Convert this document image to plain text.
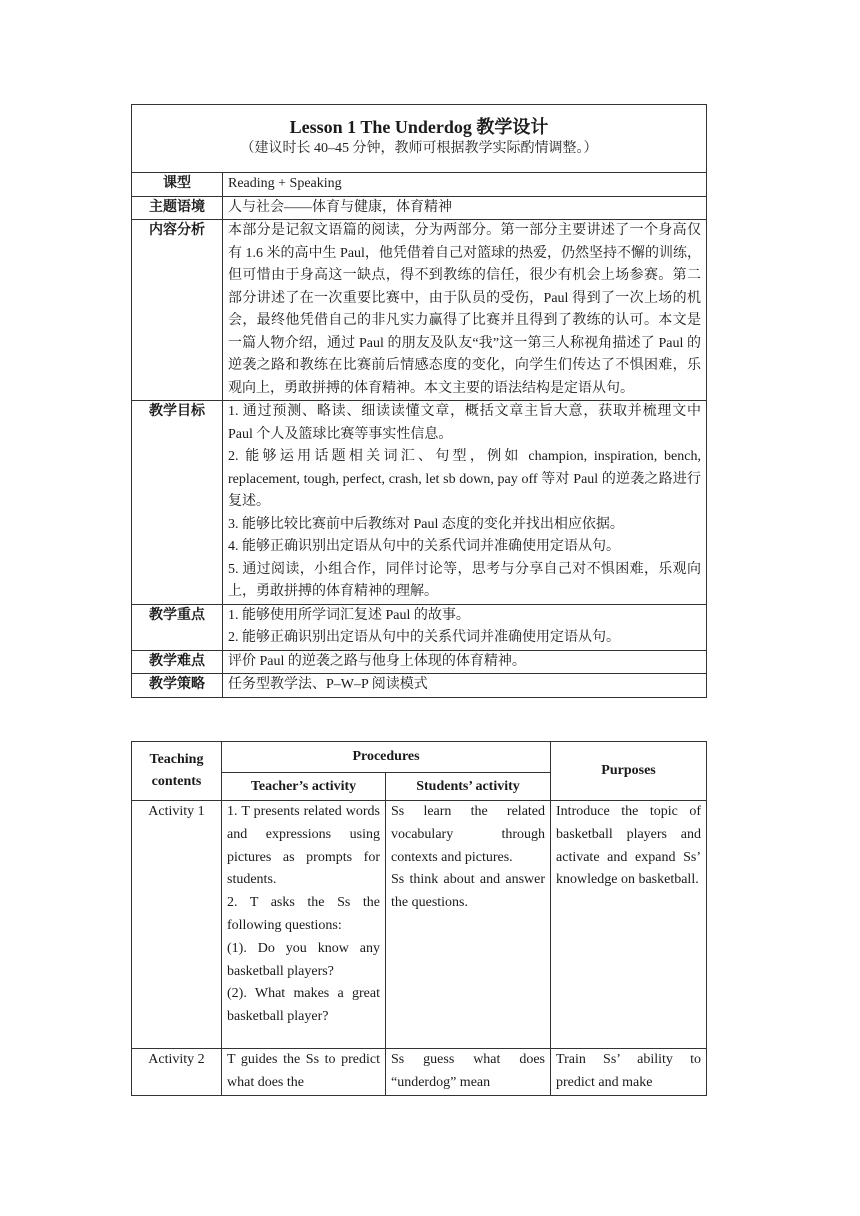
Lesson 1 The Underdog 教学设计
（建议时长 40–45 分钟，教师可根据教学实际酌情调整。）	

课型	Reading + Speaking

主题语境	人与社会——体育与健康，体育精神

内容分析	本部分是记叙文语篇的阅读，分为两部分。第一部分主要讲述了一个身高仅有 1.6 米的高中生 Paul，他凭借着自己对篮球的热爱，仍然坚持不懈的训练，但可惜由于身高这一缺点，得不到教练的信任，很少有机会上场参赛。第二部分讲述了在一次重要比赛中，由于队员的受伤，Paul 得到了一次上场的机会，最终他凭借自己的非凡实力赢得了比赛并且得到了教练的认可。本文是一篇人物介绍，通过 Paul 的朋友及队友“我”这一第三人称视角描述了 Paul 的逆袭之路和教练在比赛前后情感态度的变化，向学生们传达了不惧困难，乐观向上，勇敢拼搏的体育精神。本文主要的语法结构是定语从句。

教学目标	1. 通过预测、略读、细读读懂文章，概括文章主旨大意，获取并梳理文中 Paul 个人及篮球比赛等事实性信息。
2. 能够运用话题相关词汇、句型，例如 champion, inspiration, bench, replacement, tough, perfect, crash, let sb down, pay off 等对 Paul 的逆袭之路进行复述。
3. 能够比较比赛前中后教练对 Paul 态度的变化并找出相应依据。
4. 能够正确识别出定语从句中的关系代词并准确使用定语从句。
5. 通过阅读，小组合作，同伴讨论等，思考与分享自己对不惧困难，乐观向上，勇敢拼搏的体育精神的理解。

教学重点	1. 能够使用所学词汇复述 Paul 的故事。
2. 能够正确识别出定语从句中的关系代词并准确使用定语从句。

教学难点	评价 Paul 的逆袭之路与他身上体现的体育精神。

教学策略	任务型教学法、P–W–P 阅读模式
Teaching contents	Procedures		Purposes
	Teacher’s activity	Students’ activity	
Activity 1	1. T presents related words and expressions using pictures as prompts for students.
2. T asks the Ss the following questions:
(1). Do you know any basketball players?
(2). What makes a great basketball player?	Ss learn the related vocabulary through contexts and pictures.
Ss think about and answer the questions.	Introduce the topic of basketball players and activate and expand Ss’ knowledge on basketball.

Activity 2	T guides the Ss to predict what does the	Ss guess what does “underdog” mean	Train Ss’ ability to predict and make
